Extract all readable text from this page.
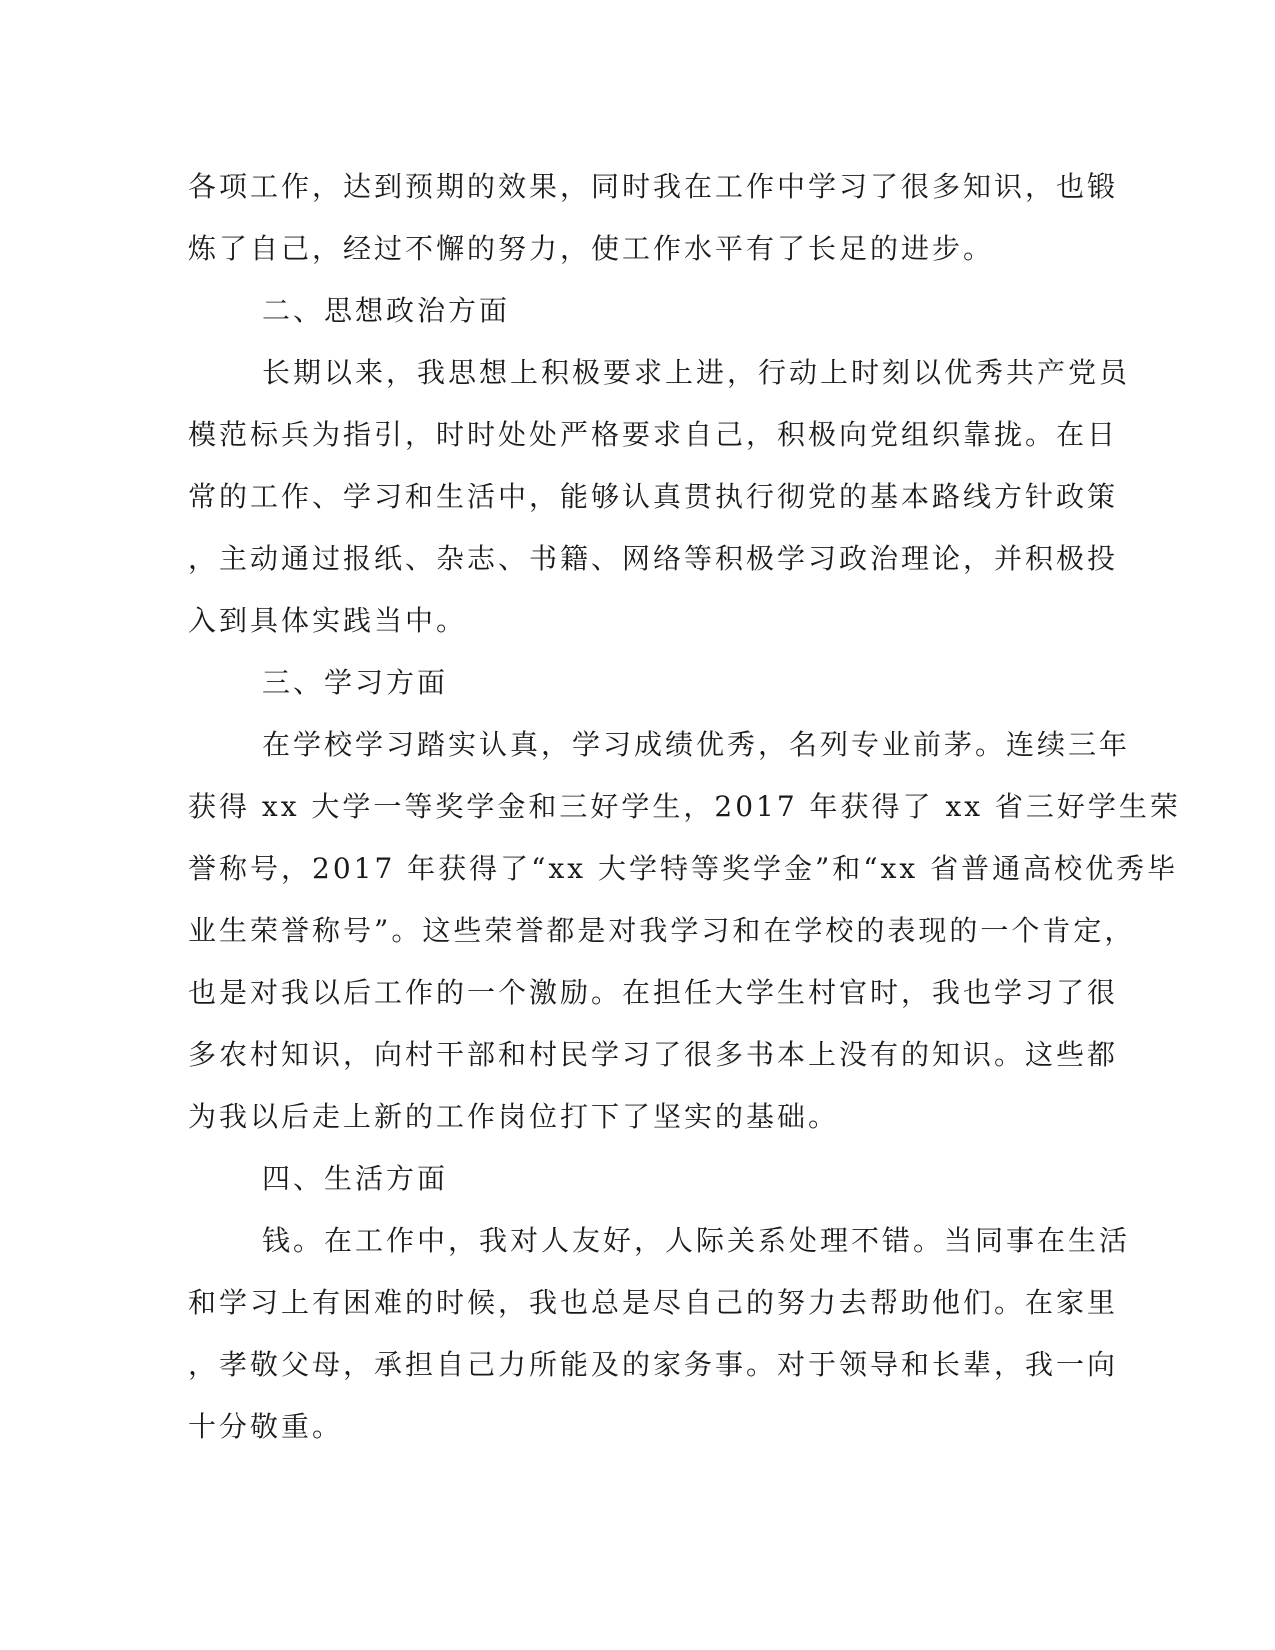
各项工作，达到预期的效果，同时我在工作中学习了很多知识，也锻
炼了自己，经过不懈的努力，使工作水平有了长足的进步。
二、思想政治方面
长期以来，我思想上积极要求上进，行动上时刻以优秀共产党员
模范标兵为指引，时时处处严格要求自己，积极向党组织靠拢。在日
常的工作、学习和生活中，能够认真贯执行彻党的基本路线方针政策
，主动通过报纸、杂志、书籍、网络等积极学习政治理论，并积极投
入到具体实践当中。
三、学习方面
在学校学习踏实认真，学习成绩优秀，名列专业前茅。连续三年
获得 xx 大学一等奖学金和三好学生，2017 年获得了 xx 省三好学生荣
誉称号，2017 年获得了“xx 大学特等奖学金”和“xx 省普通高校优秀毕
业生荣誉称号”。这些荣誉都是对我学习和在学校的表现的一个肯定，
也是对我以后工作的一个激励。在担任大学生村官时，我也学习了很
多农村知识，向村干部和村民学习了很多书本上没有的知识。这些都
为我以后走上新的工作岗位打下了坚实的基础。
四、生活方面
钱。在工作中，我对人友好，人际关系处理不错。当同事在生活
和学习上有困难的时候，我也总是尽自己的努力去帮助他们。在家里
，孝敬父母，承担自己力所能及的家务事。对于领导和长辈，我一向
十分敬重。
